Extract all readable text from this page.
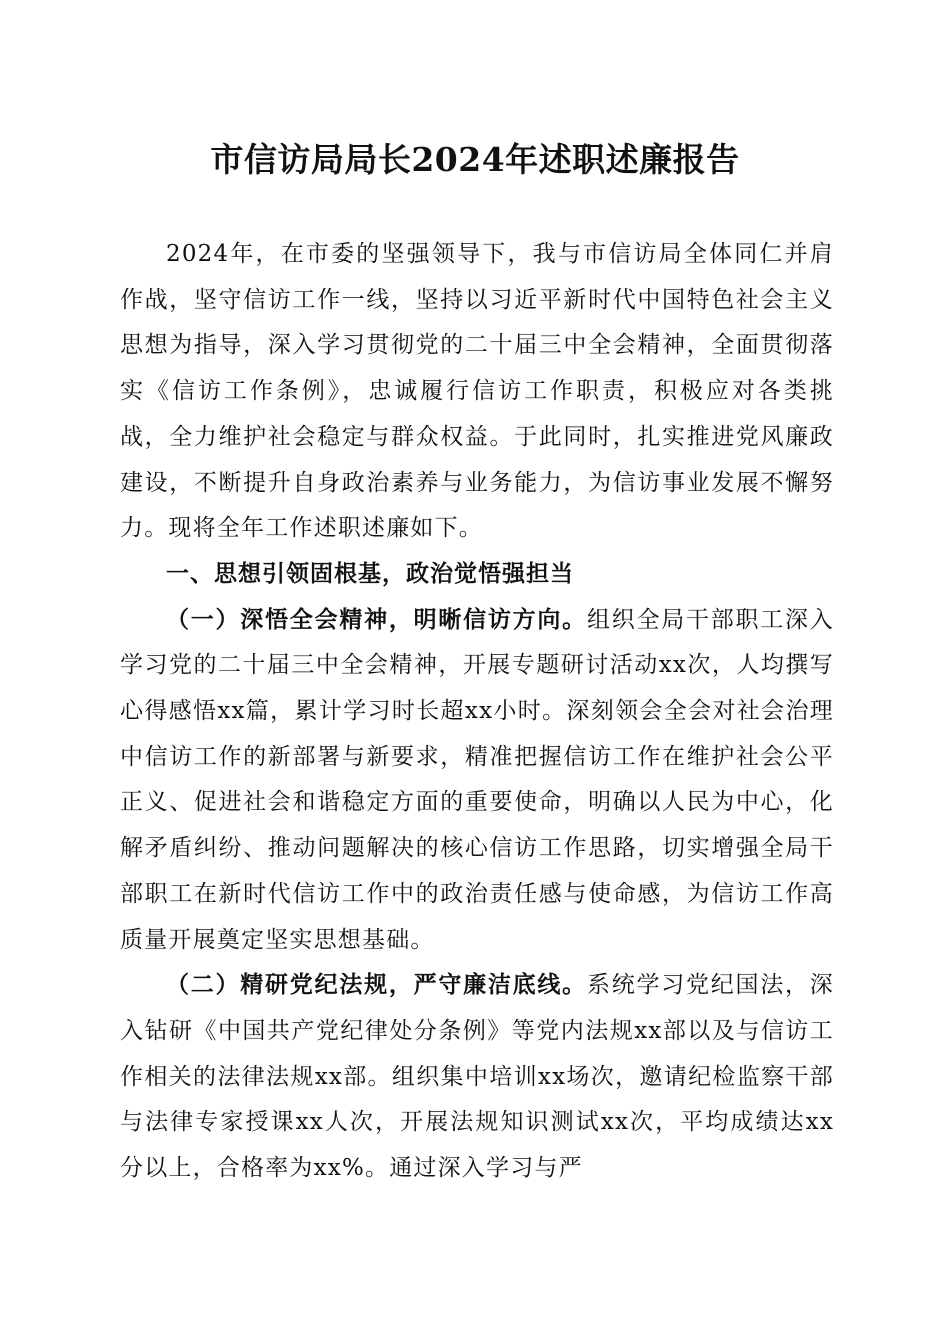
市信访局局长2024年述职述廉报告

2024年，在市委的坚强领导下，我与市信访局全体同仁并肩作战，坚守信访工作一线，坚持以习近平新时代中国特色社会主义思想为指导，深入学习贯彻党的二十届三中全会精神，全面贯彻落实《信访工作条例》，忠诚履行信访工作职责，积极应对各类挑战，全力维护社会稳定与群众权益。于此同时，扎实推进党风廉政建设，不断提升自身政治素养与业务能力，为信访事业发展不懈努力。现将全年工作述职述廉如下。

一、思想引领固根基，政治觉悟强担当

（一）深悟全会精神，明晰信访方向。组织全局干部职工深入学习党的二十届三中全会精神，开展专题研讨活动xx次，人均撰写心得感悟xx篇，累计学习时长超xx小时。深刻领会全会对社会治理中信访工作的新部署与新要求，精准把握信访工作在维护社会公平正义、促进社会和谐稳定方面的重要使命，明确以人民为中心，化解矛盾纠纷、推动问题解决的核心信访工作思路，切实增强全局干部职工在新时代信访工作中的政治责任感与使命感，为信访工作高质量开展奠定坚实思想基础。

（二）精研党纪法规，严守廉洁底线。系统学习党纪国法，深入钻研《中国共产党纪律处分条例》等党内法规xx部以及与信访工作相关的法律法规xx部。组织集中培训xx场次，邀请纪检监察干部与法律专家授课xx人次，开展法规知识测试xx次，平均成绩达xx分以上，合格率为xx%。通过深入学习与严
